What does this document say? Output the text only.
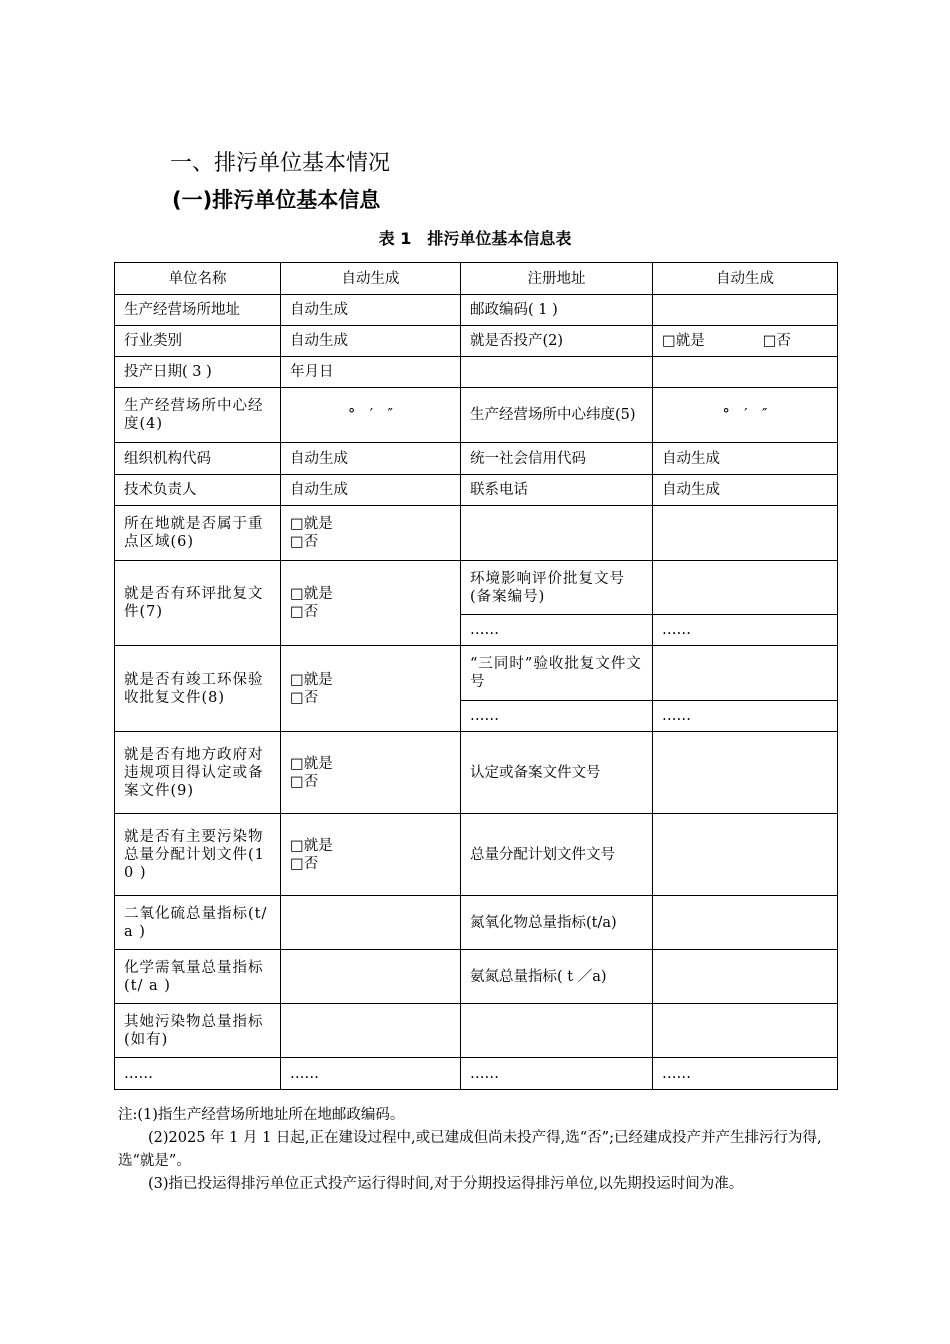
一、排污单位基本情况
(一)排污单位基本信息
表 1　排污单位基本信息表
单位名称	自动生成	注册地址	自动生成
生产经营场所地址	自动生成	邮政编码( 1 )	
行业类别	自动生成	就是否投产(2)	□就是　　　　□否
投产日期( 3 )	年月日		
生产经营场所中心经度(4)	°　′　″	生产经营场所中心纬度(5)	°　′　″
组织机构代码	自动生成	统一社会信用代码	自动生成
技术负责人	自动生成	联系电话	自动生成
所在地就是否属于重点区域(6)	□就是
□否		

就是否有环评批复文件(7)	□就是
□否	环境影响评价批复文号(备案编号)	
		……	……
就是否有竣工环保验收批复文件(8)	□就是
□否	“三同时”验收批复文件文号	
		……	……
就是否有地方政府对违规项目得认定或备案文件(9)	□就是
□否	认定或备案文件文号	
就是否有主要污染物总量分配计划文件(1 0 )	□就是
□否	总量分配计划文件文号	
二氧化硫总量指标(t/ a )		氮氧化物总量指标(t/a)	
化学需氧量总量指标(t/ a )		氨氮总量指标( t ／a)	
其她污染物总量指标(如有)			
……	……	……	……

注:(1)指生产经营场所地址所在地邮政编码。

(2)2025 年 1 月 1 日起,正在建设过程中,或已建成但尚未投产得,选“否”;已经建成投产并产生排污行为得,选“就是”。

(3)指已投运得排污单位正式投产运行得时间,对于分期投运得排污单位,以先期投运时间为准。
